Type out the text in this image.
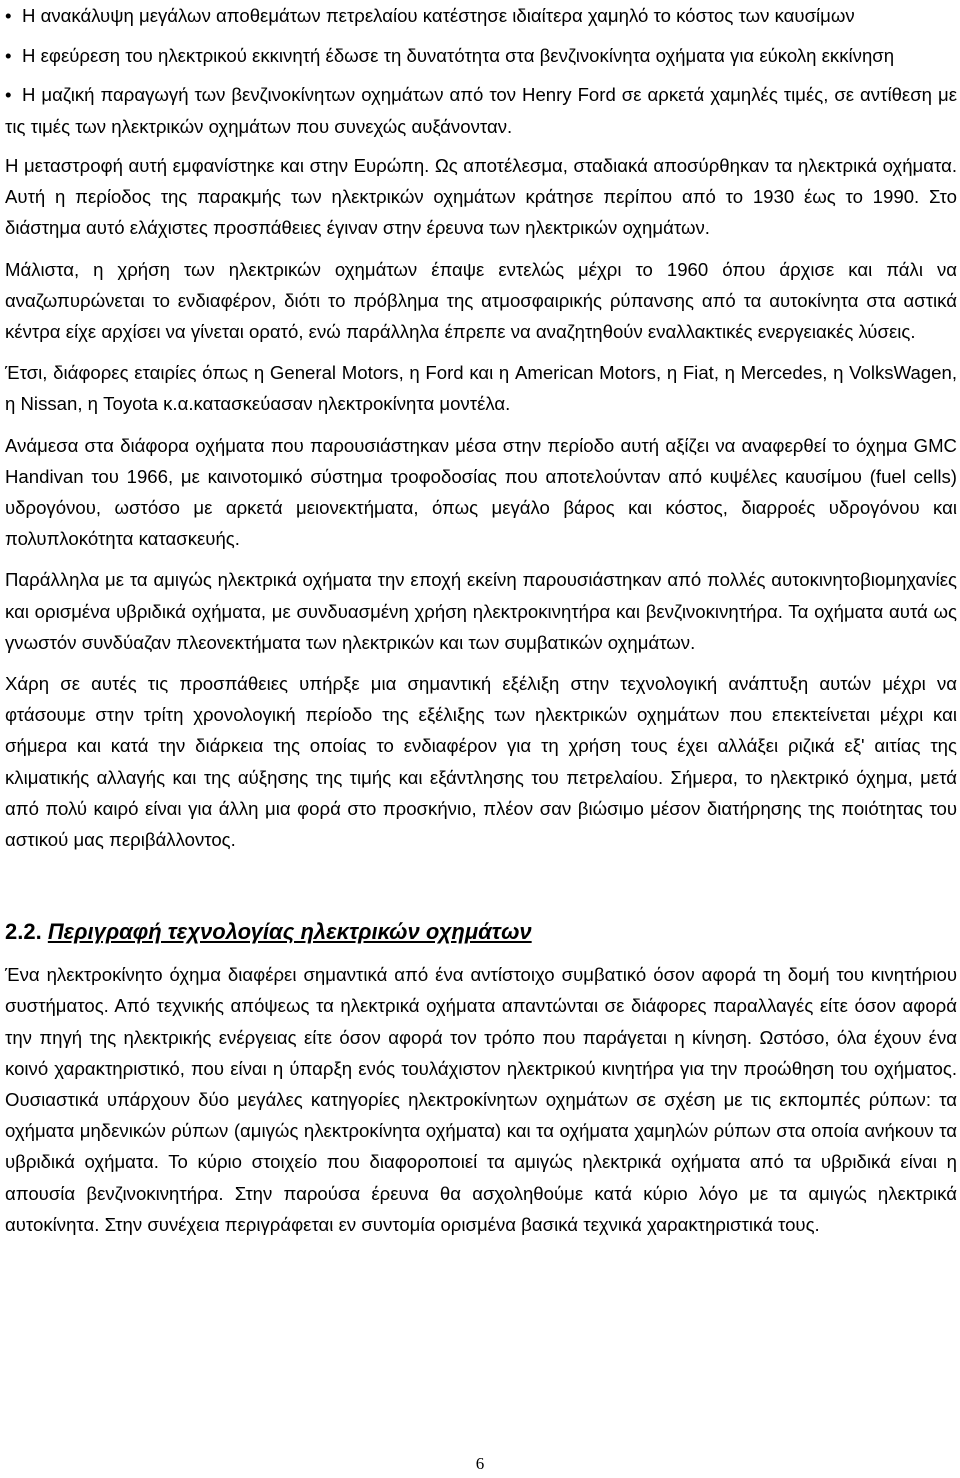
• Η ανακάλυψη μεγάλων αποθεμάτων πετρελαίου κατέστησε ιδιαίτερα χαμηλό το κόστος των καυσίμων
• Η εφεύρεση του ηλεκτρικού εκκινητή έδωσε τη δυνατότητα στα βενζινοκίνητα οχήματα για εύκολη εκκίνηση
• Η μαζική παραγωγή των βενζινοκίνητων οχημάτων από τον Henry Ford σε αρκετά χαμηλές τιμές, σε αντίθεση με τις τιμές των ηλεκτρικών οχημάτων που συνεχώς αυξάνονταν.

Η μεταστροφή αυτή εμφανίστηκε και στην Ευρώπη. Ως αποτέλεσμα, σταδιακά αποσύρθηκαν τα ηλεκτρικά οχήματα. Αυτή η περίοδος της παρακμής των ηλεκτρικών οχημάτων κράτησε περίπου από το 1930 έως το 1990. Στο διάστημα αυτό ελάχιστες προσπάθειες έγιναν στην έρευνα των ηλεκτρικών οχημάτων.

Μάλιστα, η χρήση των ηλεκτρικών οχημάτων έπαψε εντελώς μέχρι το 1960 όπου άρχισε και πάλι να αναζωπυρώνεται το ενδιαφέρον, διότι το πρόβλημα της ατμοσφαιρικής ρύπανσης από τα αυτοκίνητα στα αστικά κέντρα είχε αρχίσει να γίνεται ορατό, ενώ παράλληλα έπρεπε να αναζητηθούν εναλλακτικές ενεργειακές λύσεις.

Έτσι, διάφορες εταιρίες όπως η General Motors, η Ford και η American Motors, η Fiat, η Mercedes, η VolksWagen, η Nissan, η Toyota κ.α.κατασκεύασαν ηλεκτροκίνητα μοντέλα.

Ανάμεσα στα διάφορα οχήματα που παρουσιάστηκαν μέσα στην περίοδο αυτή αξίζει να αναφερθεί το όχημα GMC Handivan του 1966, με καινοτομικό σύστημα τροφοδοσίας που αποτελούνταν από κυψέλες καυσίμου (fuel cells) υδρογόνου, ωστόσο με αρκετά μειονεκτήματα, όπως μεγάλο βάρος και κόστος, διαρροές υδρογόνου και πολυπλοκότητα κατασκευής.

Παράλληλα με τα αμιγώς ηλεκτρικά οχήματα την εποχή εκείνη παρουσιάστηκαν από πολλές αυτοκινητοβιομηχανίες και ορισμένα υβριδικά οχήματα, με συνδυασμένη χρήση ηλεκτροκινητήρα και βενζινοκινητήρα. Τα οχήματα αυτά ως γνωστόν συνδύαζαν πλεονεκτήματα των ηλεκτρικών και των συμβατικών οχημάτων.

Χάρη σε αυτές τις προσπάθειες υπήρξε μια σημαντική εξέλιξη στην τεχνολογική ανάπτυξη αυτών μέχρι να φτάσουμε στην τρίτη χρονολογική περίοδο της εξέλιξης των ηλεκτρικών οχημάτων που επεκτείνεται μέχρι και σήμερα και κατά την διάρκεια της οποίας το ενδιαφέρον για τη χρήση τους έχει αλλάξει ριζικά εξ' αιτίας της κλιματικής αλλαγής και της αύξησης της τιμής και εξάντλησης του πετρελαίου. Σήμερα, το ηλεκτρικό όχημα, μετά από πολύ καιρό είναι για άλλη μια φορά στο προσκήνιο, πλέον σαν βιώσιμο μέσον διατήρησης της ποιότητας του αστικού μας περιβάλλοντος.

2.2. Περιγραφή τεχνολογίας ηλεκτρικών οχημάτων

Ένα ηλεκτροκίνητο όχημα διαφέρει σημαντικά από ένα αντίστοιχο συμβατικό όσον αφορά τη δομή του κινητήριου συστήματος. Από τεχνικής απόψεως τα ηλεκτρικά οχήματα απαντώνται σε διάφορες παραλλαγές είτε όσον αφορά την πηγή της ηλεκτρικής ενέργειας είτε όσον αφορά τον τρόπο που παράγεται η κίνηση. Ωστόσο, όλα έχουν ένα κοινό χαρακτηριστικό, που είναι η ύπαρξη ενός τουλάχιστον ηλεκτρικού κινητήρα για την προώθηση του οχήματος. Ουσιαστικά υπάρχουν δύο μεγάλες κατηγορίες ηλεκτροκίνητων οχημάτων σε σχέση με τις εκπομπές ρύπων: τα οχήματα μηδενικών ρύπων (αμιγώς ηλεκτροκίνητα οχήματα) και τα οχήματα χαμηλών ρύπων στα οποία ανήκουν τα υβριδικά οχήματα. Το κύριο στοιχείο που διαφοροποιεί τα αμιγώς ηλεκτρικά οχήματα από τα υβριδικά είναι η απουσία βενζινοκινητήρα. Στην παρούσα έρευνα θα ασχοληθούμε κατά κύριο λόγο με τα αμιγώς ηλεκτρικά αυτοκίνητα. Στην συνέχεια περιγράφεται εν συντομία ορισμένα βασικά τεχνικά χαρακτηριστικά τους.

6
